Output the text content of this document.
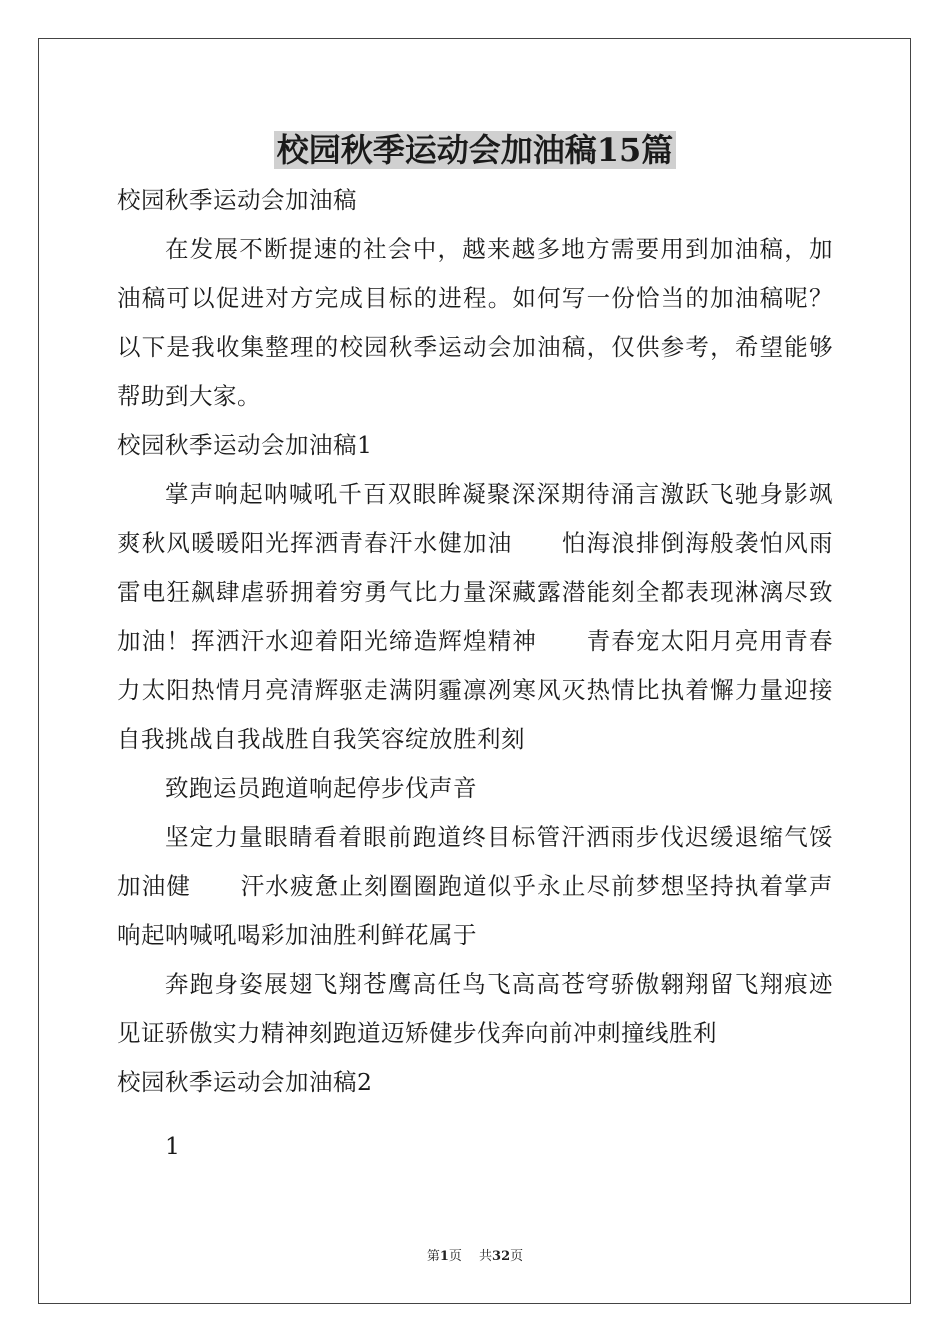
校园秋季运动会加油稿15篇

校园秋季运动会加油稿

在发展不断提速的社会中，越来越多地方需要用到加油稿，加油稿可以促进对方完成目标的进程。如何写一份恰当的加油稿呢？以下是我收集整理的校园秋季运动会加油稿，仅供参考，希望能够帮助到大家。

校园秋季运动会加油稿1

掌声响起呐喊吼千百双眼眸凝聚深深期待涌言激跃飞驰身影飒爽秋风暖暖阳光挥洒青春汗水健加油　　怕海浪排倒海般袭怕风雨雷电狂飙肆虐骄拥着穷勇气比力量深藏露潜能刻全都表现淋漓尽致加油！挥洒汗水迎着阳光缔造辉煌精神　　青春宠太阳月亮用青春力太阳热情月亮清辉驱走满阴霾凛冽寒风灭热情比执着懈力量迎接自我挑战自我战胜自我笑容绽放胜利刻

致跑运员跑道响起停步伐声音

坚定力量眼睛看着眼前跑道终目标管汗洒雨步伐迟缓退缩气馁加油健　　汗水疲惫止刻圈圈跑道似乎永止尽前梦想坚持执着掌声响起呐喊吼喝彩加油胜利鲜花属于

奔跑身姿展翅飞翔苍鹰高任鸟飞高高苍穹骄傲翱翔留飞翔痕迹见证骄傲实力精神刻跑道迈矫健步伐奔向前冲刺撞线胜利

校园秋季运动会加油稿2

1
第1页　 共32页
